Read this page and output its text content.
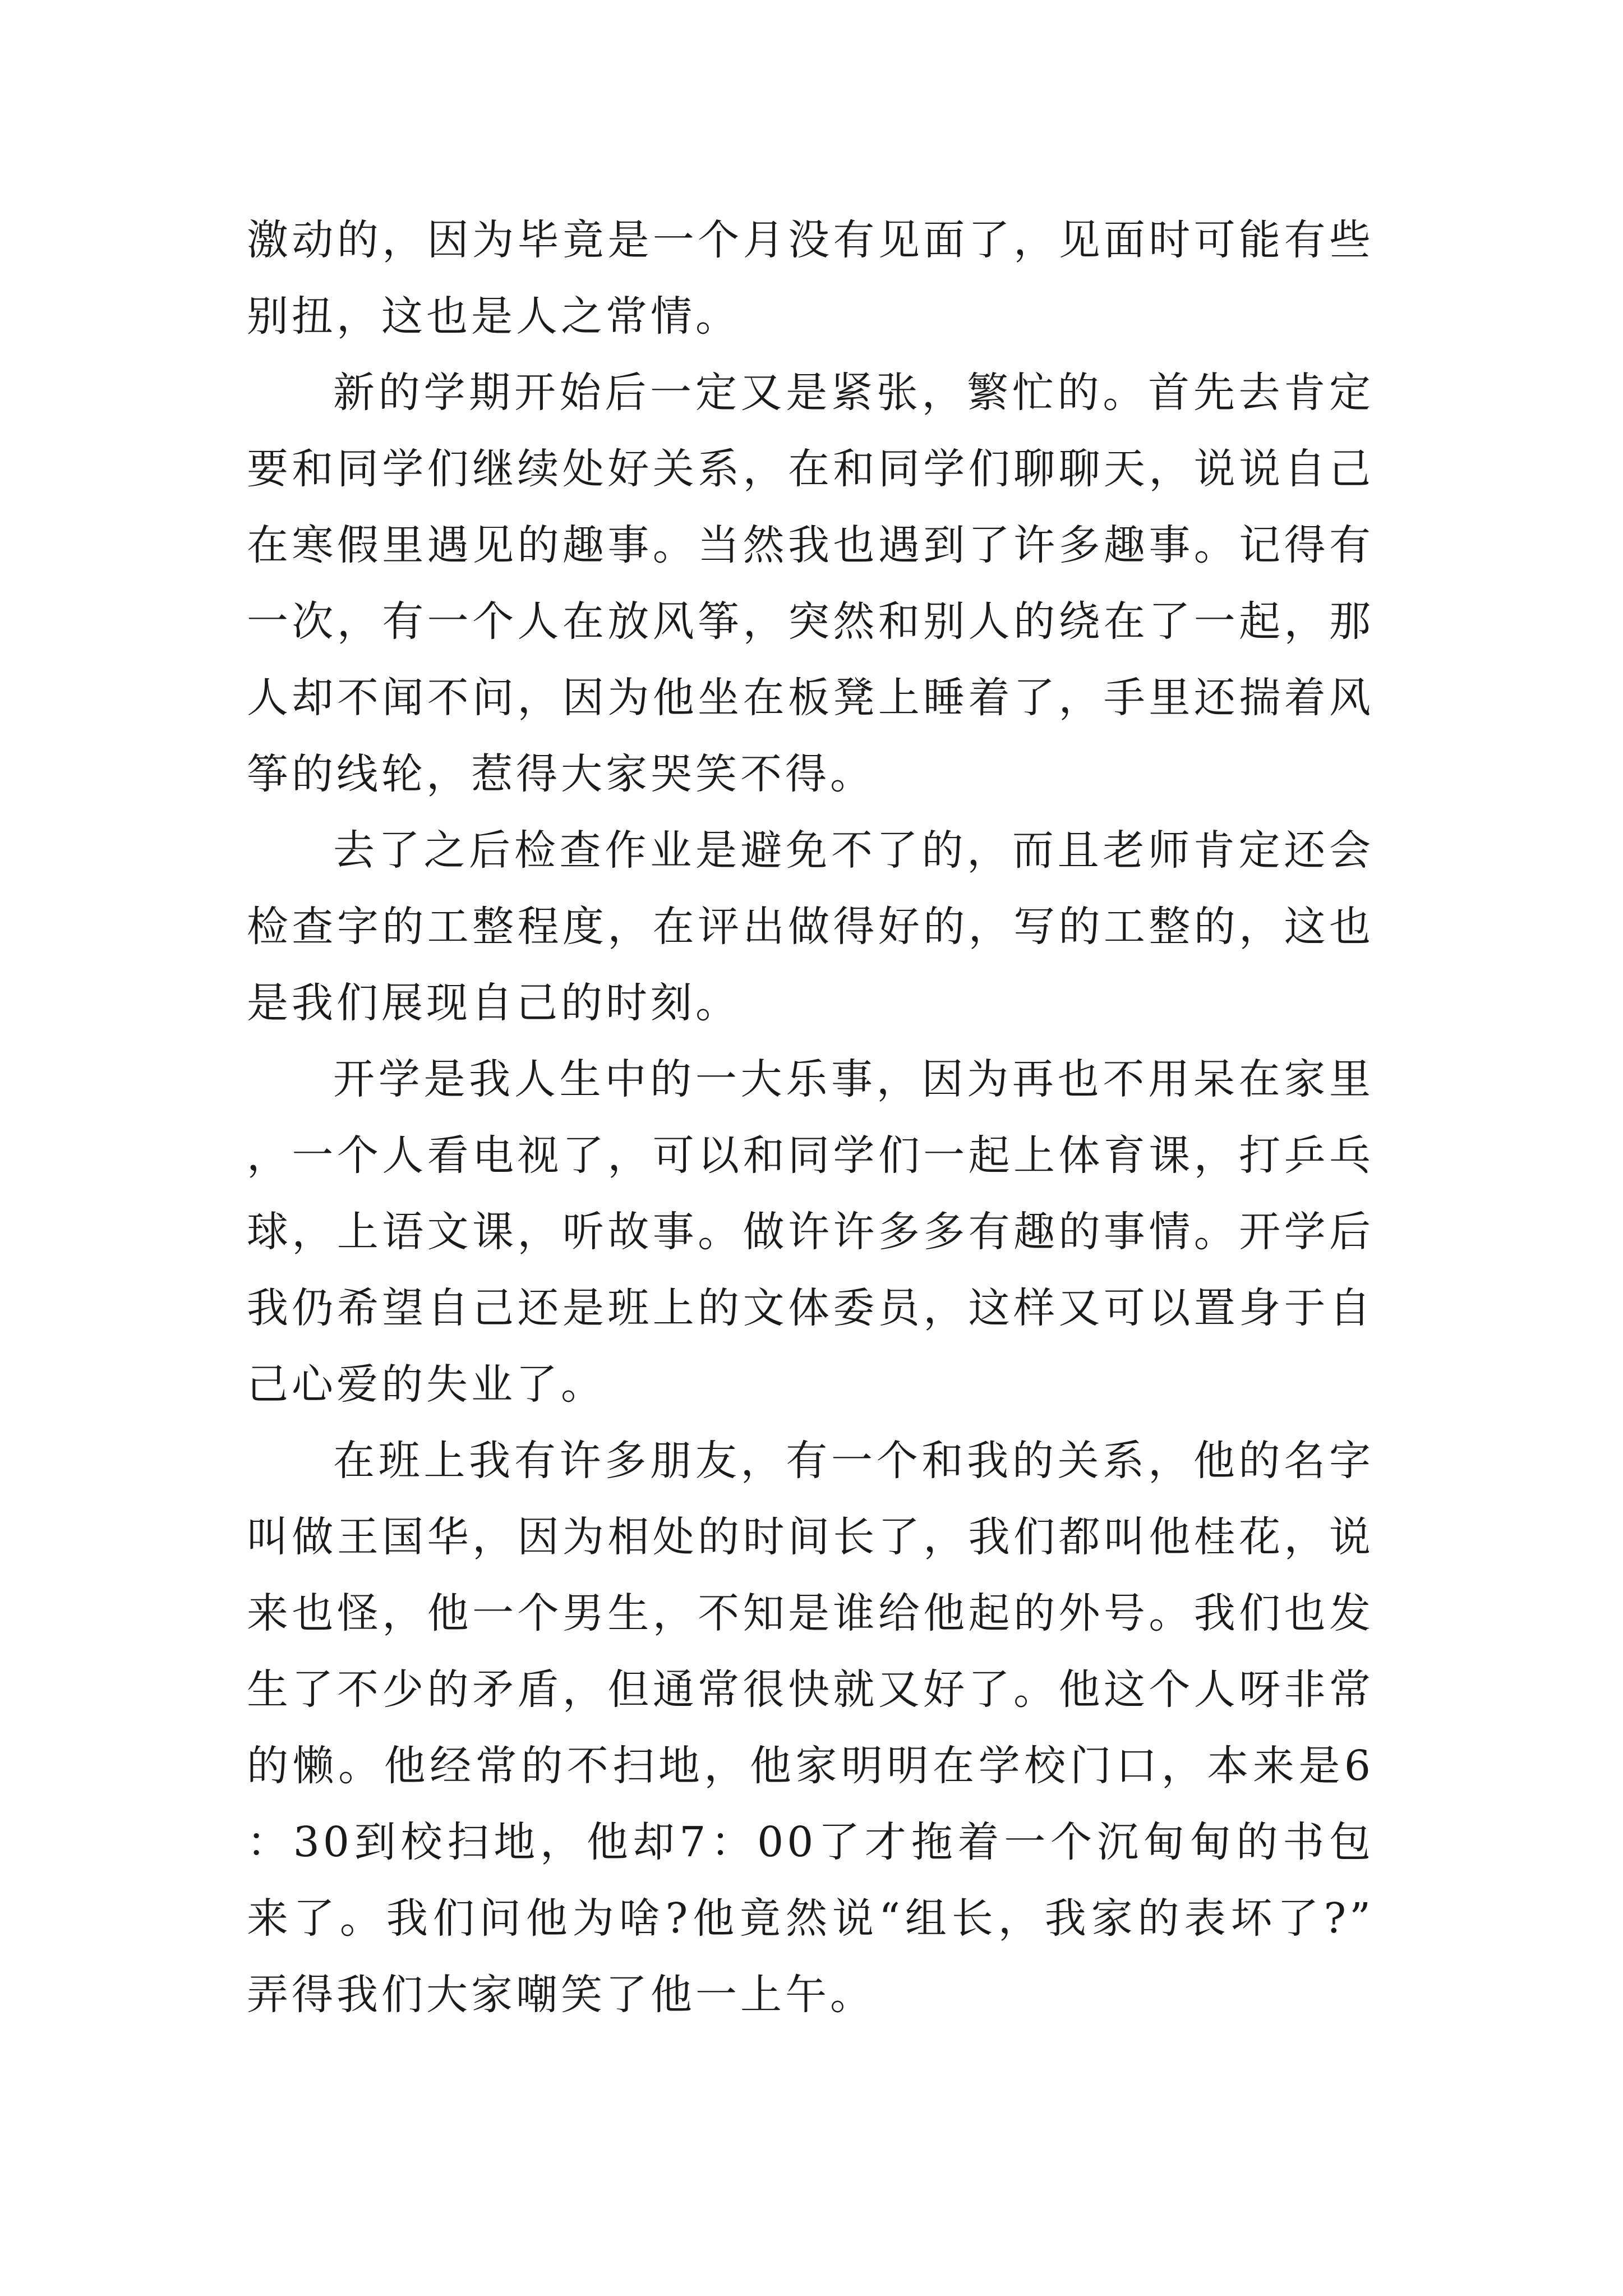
激动的，因为毕竟是一个月没有见面了，见面时可能有些别扭，这也是人之常情。

新的学期开始后一定又是紧张，繁忙的。首先去肯定要和同学们继续处好关系，在和同学们聊聊天，说说自己在寒假里遇见的趣事。当然我也遇到了许多趣事。记得有一次，有一个人在放风筝，突然和别人的绕在了一起，那人却不闻不问，因为他坐在板凳上睡着了，手里还揣着风筝的线轮，惹得大家哭笑不得。

去了之后检查作业是避免不了的，而且老师肯定还会检查字的工整程度，在评出做得好的，写的工整的，这也是我们展现自己的时刻。

开学是我人生中的一大乐事，因为再也不用呆在家里，一个人看电视了，可以和同学们一起上体育课，打乒乓球，上语文课，听故事。做许许多多有趣的事情。开学后我仍希望自己还是班上的文体委员，这样又可以置身于自己心爱的失业了。

在班上我有许多朋友，有一个和我的关系，他的名字叫做王国华，因为相处的时间长了，我们都叫他桂花，说来也怪，他一个男生，不知是谁给他起的外号。我们也发生了不少的矛盾，但通常很快就又好了。他这个人呀非常的懒。他经常的不扫地，他家明明在学校门口，本来是6：30到校扫地，他却7：00了才拖着一个沉甸甸的书包来了。我们问他为啥?他竟然说“组长，我家的表坏了?”弄得我们大家嘲笑了他一上午。
